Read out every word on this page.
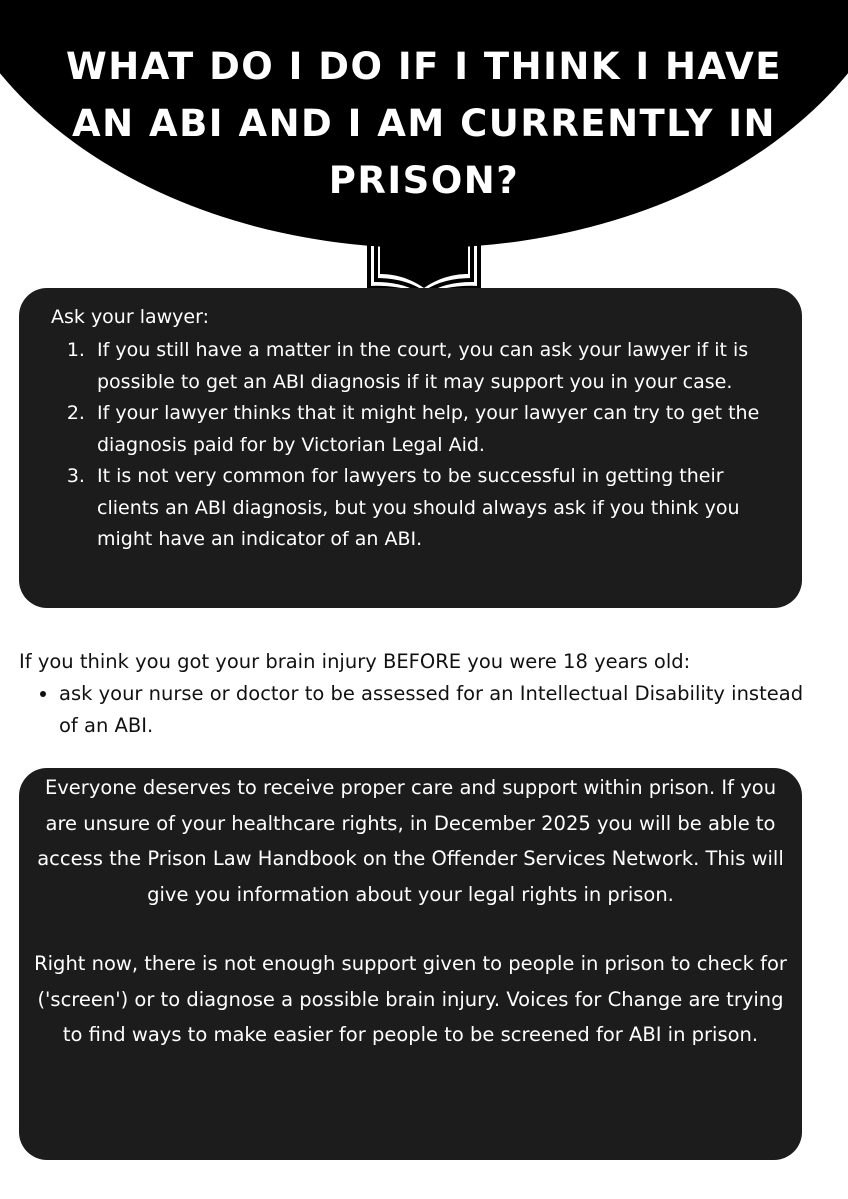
WHAT DO I DO IF I THINK I HAVE AN ABI AND I AM CURRENTLY IN PRISON?

Ask your lawyer:

1. If you still have a matter in the court, you can ask your lawyer if it is possible to get an ABI diagnosis if it may support you in your case.
2. If your lawyer thinks that it might help, your lawyer can try to get the diagnosis paid for by Victorian Legal Aid.
3. It is not very common for lawyers to be successful in getting their clients an ABI diagnosis, but you should always ask if you think you might have an indicator of an ABI.

If you think you got your brain injury BEFORE you were 18 years old:

• ask your nurse or doctor to be assessed for an Intellectual Disability instead of an ABI.

Everyone deserves to receive proper care and support within prison. If you are unsure of your healthcare rights, in December 2025 you will be able to access the Prison Law Handbook on the Offender Services Network. This will give you information about your legal rights in prison.

Right now, there is not enough support given to people in prison to check for ('screen') or to diagnose a possible brain injury. Voices for Change are trying to find ways to make easier for people to be screened for ABI in prison.
